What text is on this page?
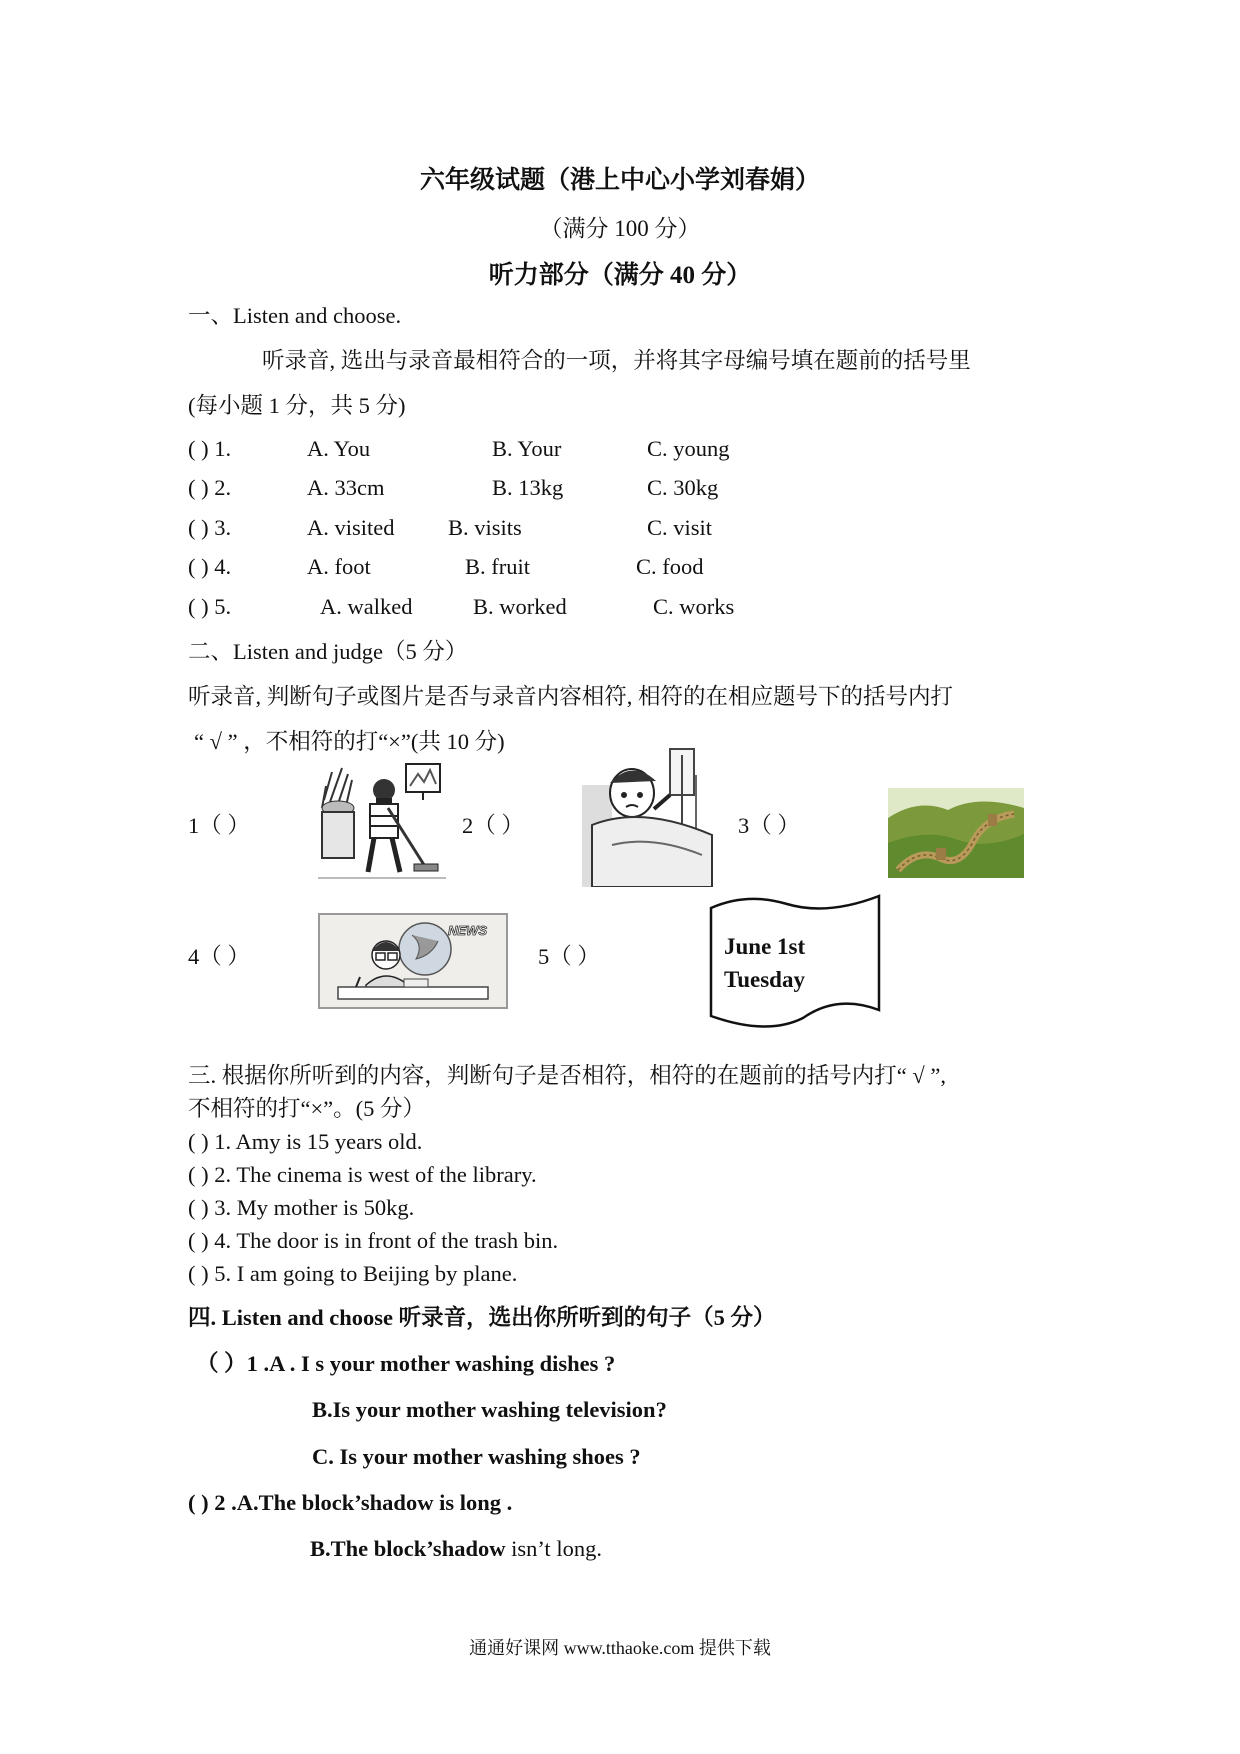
六年级试题（港上中心小学刘春娟）
（满分 100 分）
听力部分（满分 40 分）
一、Listen and choose.
听录音, 选出与录音最相符合的一项，并将其字母编号填在题前的括号里
(每小题 1 分，共 5 分)
( ) 1.	A. You	B. Your	C. young
( ) 2.	A. 33cm	B. 13kg	C. 30kg
( ) 3.	A. visited B. visits	C. visit
( ) 4.	A. foot	B. fruit	C. food
( ) 5.	A. walked	B. worked	C. works
二、Listen and judge（5 分）
听录音, 判断句子或图片是否与录音内容相符, 相符的在相应题号下的括号内打
“ √ ” ，不相符的打“×”(共 10 分)
1（ ）	2（ ）	3（ ）
4（ ）	5（ ）
NEWS
June 1st
Tuesday
三. 根据你所听到的内容，判断句子是否相符，相符的在题前的括号内打“ √ ”,
不相符的打“×”。(5 分）
( ) 1. Amy is 15 years old.
( ) 2. The cinema is west of the library.
( ) 3. My mother is 50kg.
( ) 4. The door is in front of the trash bin.
( ) 5. I am going to Beijing by plane.
四. Listen and choose 听录音，选出你所听到的句子（5 分）
（ ）1 .A . I s your mother washing dishes ?
B.Is your mother washing television?
C. Is your mother washing shoes ?
( ) 2 .A.The block’shadow is long .
B.The block’shadow isn’t long.
通通好课网 www.tthaoke.com 提供下载
